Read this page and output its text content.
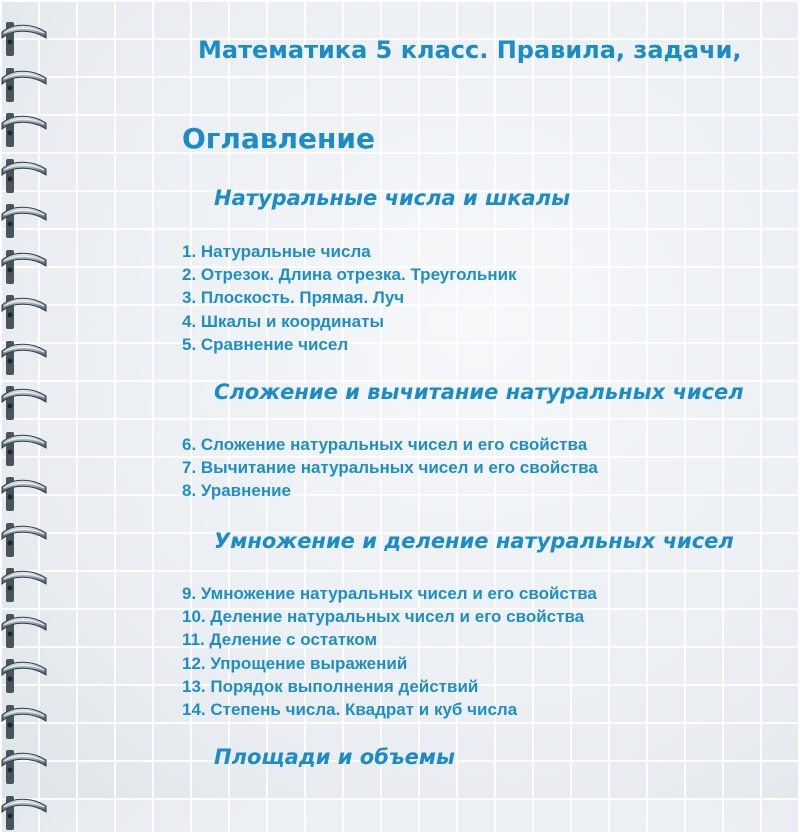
Математика 5 класс. Правила, задачи,
Оглавление
Натуральные числа и шкалы
1. Натуральные числа
2. Отрезок. Длина отрезка. Треугольник
3. Плоскость. Прямая. Луч
4. Шкалы и координаты
5. Сравнение чисел
Сложение и вычитание натуральных чисел
6. Сложение натуральных чисел и его свойства
7. Вычитание натуральных чисел и его свойства
8. Уравнение
Умножение и деление натуральных чисел
9. Умножение натуральных чисел и его свойства
10. Деление натуральных чисел и его свойства
11. Деление с остатком
12. Упрощение выражений
13. Порядок выполнения действий
14. Степень числа. Квадрат и куб числа
Площади и объемы
